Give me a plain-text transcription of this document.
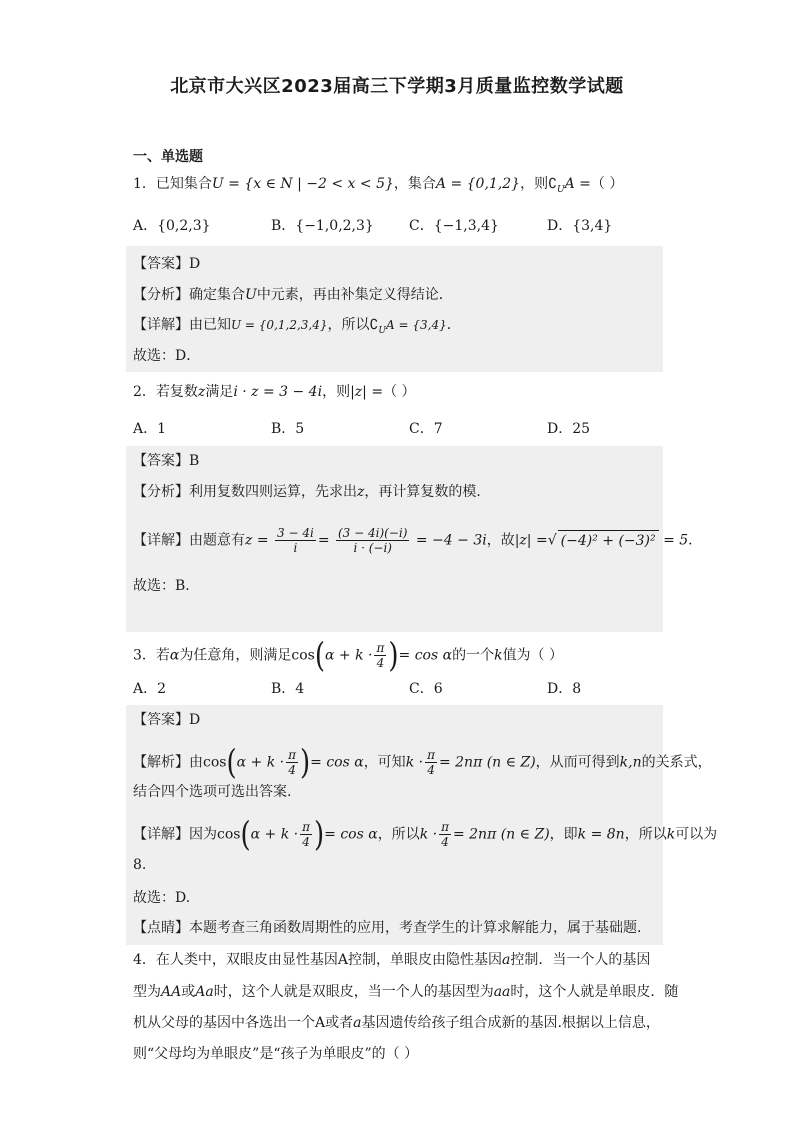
北京市大兴区2023届高三下学期3月质量监控数学试题
一、单选题
1．已知集合U = {x ∈ N | −2 < x < 5}，集合A = {0,1,2}，则$∁_UA$ =（ ）
A．{0,2,3}	B．{−1,0,2,3}	C．{−1,3,4}	D．{3,4}
【答案】D
【分析】确定集合U中元素，再由补集定义得结论．
【详解】由已知U = {0,1,2,3,4}，所以$∁_UA = \{3,4\}$．
故选：D．
2．若复数z满足i · z = 3 − 4i，则|z| =（ ）
A．1	B．5	C．7	D．25
【答案】B
【分析】利用复数四则运算，先求出z，再计算复数的模．
【详解】由题意有$z = \frac{3 - 4i}{i} = \frac{(3 - 4i)(-i)}{i \cdot (-i)} = -4 - 3i$，故|z| =√ (−4)² + (−3)² = 5．
故选：B．
3．若α为任意角，则满足$\cos(\alpha + k \cdot \frac{\pi}{4}$ )= cos α的一个k值为（ ）
A．2	B．4	C．6	D．8
【答案】D
【解析】由$\cos(\alpha + k \cdot \frac{\pi}{4}$ )= cos α，可知$k \cdot \frac{\pi}{4} = 2n\pi$ (n ∈ Z)，从而可得到k,n的关系式，
结合四个选项可选出答案.
【详解】因为$\cos(\alpha + k \cdot \frac{\pi}{4}$ )= cos α，所以$k \cdot \frac{\pi}{4} = 2n\pi$ (n ∈ Z)，即k = 8n，所以k可以为
8.
故选：D.
【点睛】本题考查三角函数周期性的应用，考查学生的计算求解能力，属于基础题.
4．在人类中，双眼皮由显性基因A控制，单眼皮由隐性基因a控制．当一个人的基因
型为AA或Aa时，这个人就是双眼皮，当一个人的基因型为aa时，这个人就是单眼皮．随
机从父母的基因中各选出一个A或者a基因遗传给孩子组合成新的基因.根据以上信息，
则“父母均为单眼皮”是“孩子为单眼皮”的（ ）
